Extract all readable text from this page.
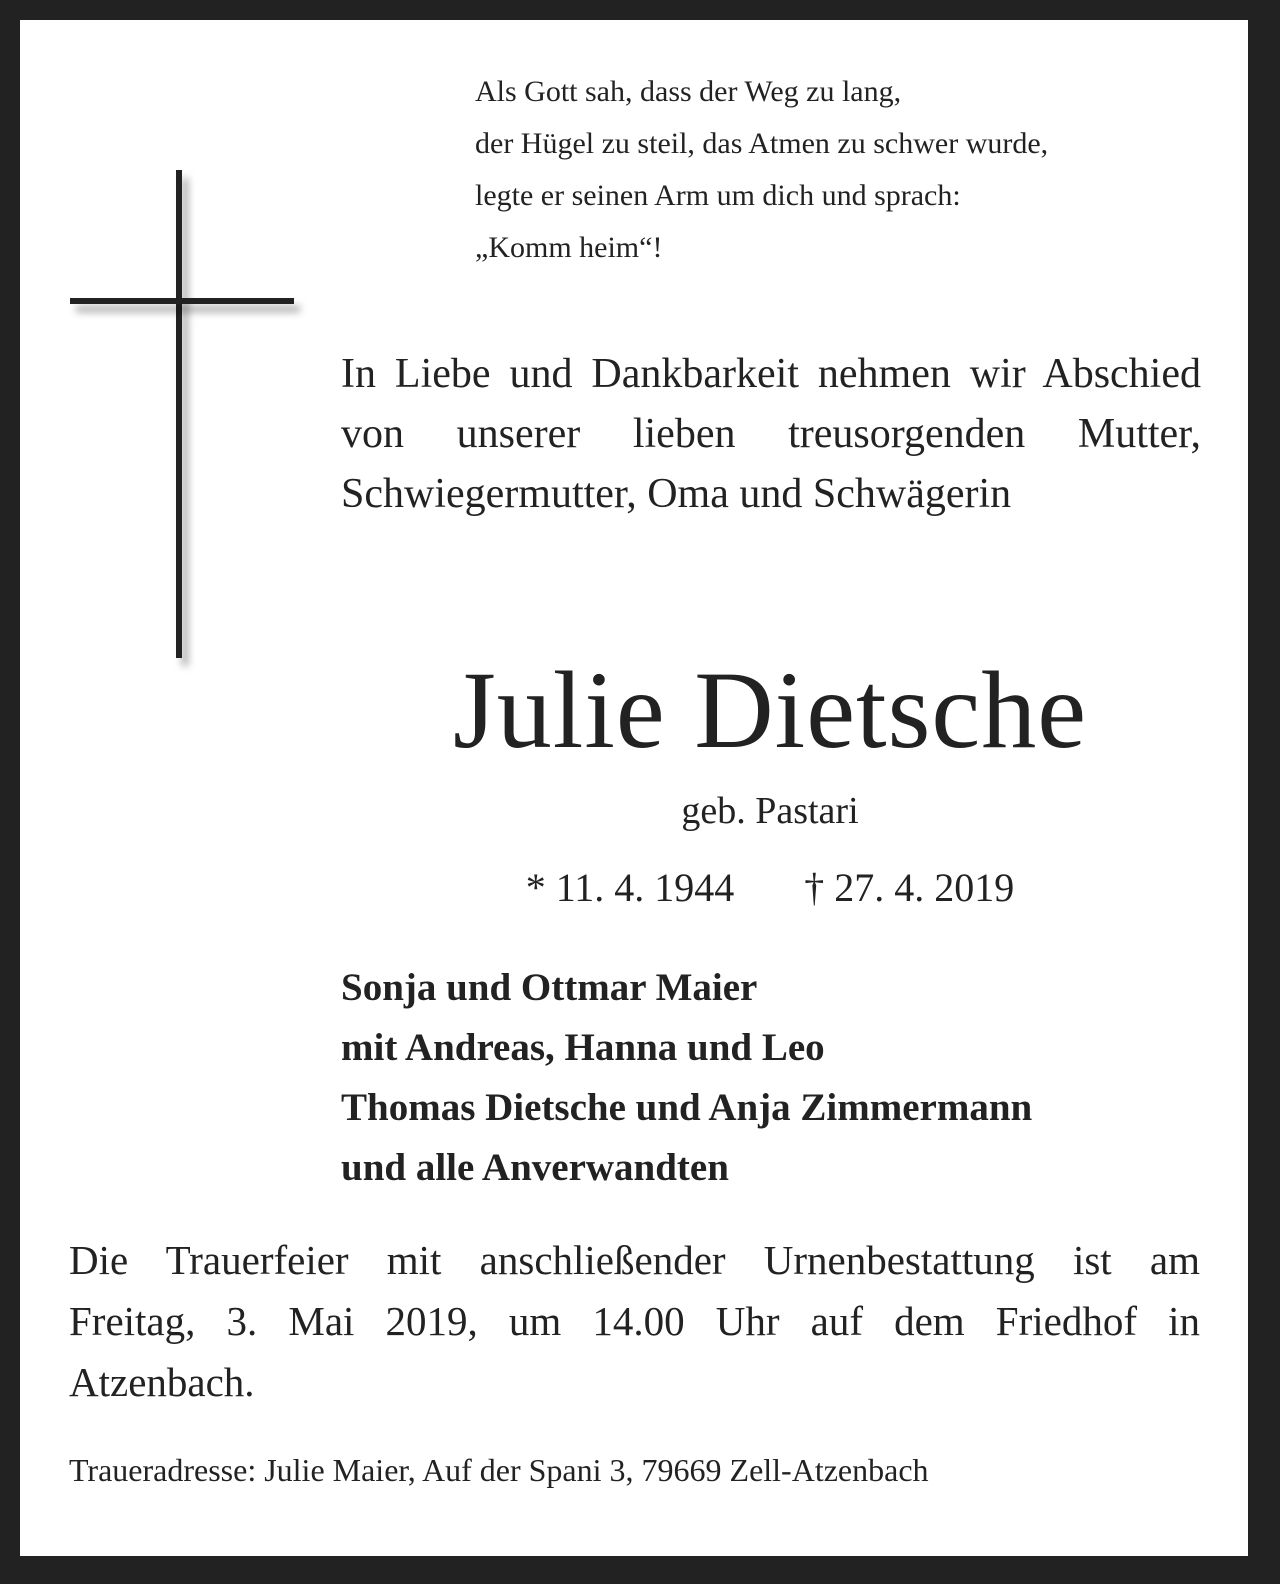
Als Gott sah, dass der Weg zu lang,
der Hügel zu steil, das Atmen zu schwer wurde,
legte er seinen Arm um dich und sprach:
„Komm heim“!
In Liebe und Dankbarkeit nehmen wir Abschied
von unserer lieben treusorgenden Mutter,
Schwiegermutter, Oma und Schwägerin
Julie Dietsche
geb. Pastari
* 11. 4. 1944 † 27. 4. 2019
Sonja und Ottmar Maier
mit Andreas, Hanna und Leo
Thomas Dietsche und Anja Zimmermann
und alle Anverwandten
Die Trauerfeier mit anschließender Urnenbestattung ist am
Freitag, 3. Mai 2019, um 14.00 Uhr auf dem Friedhof in
Atzenbach.
Traueradresse: Julie Maier, Auf der Spani 3, 79669 Zell-Atzenbach
